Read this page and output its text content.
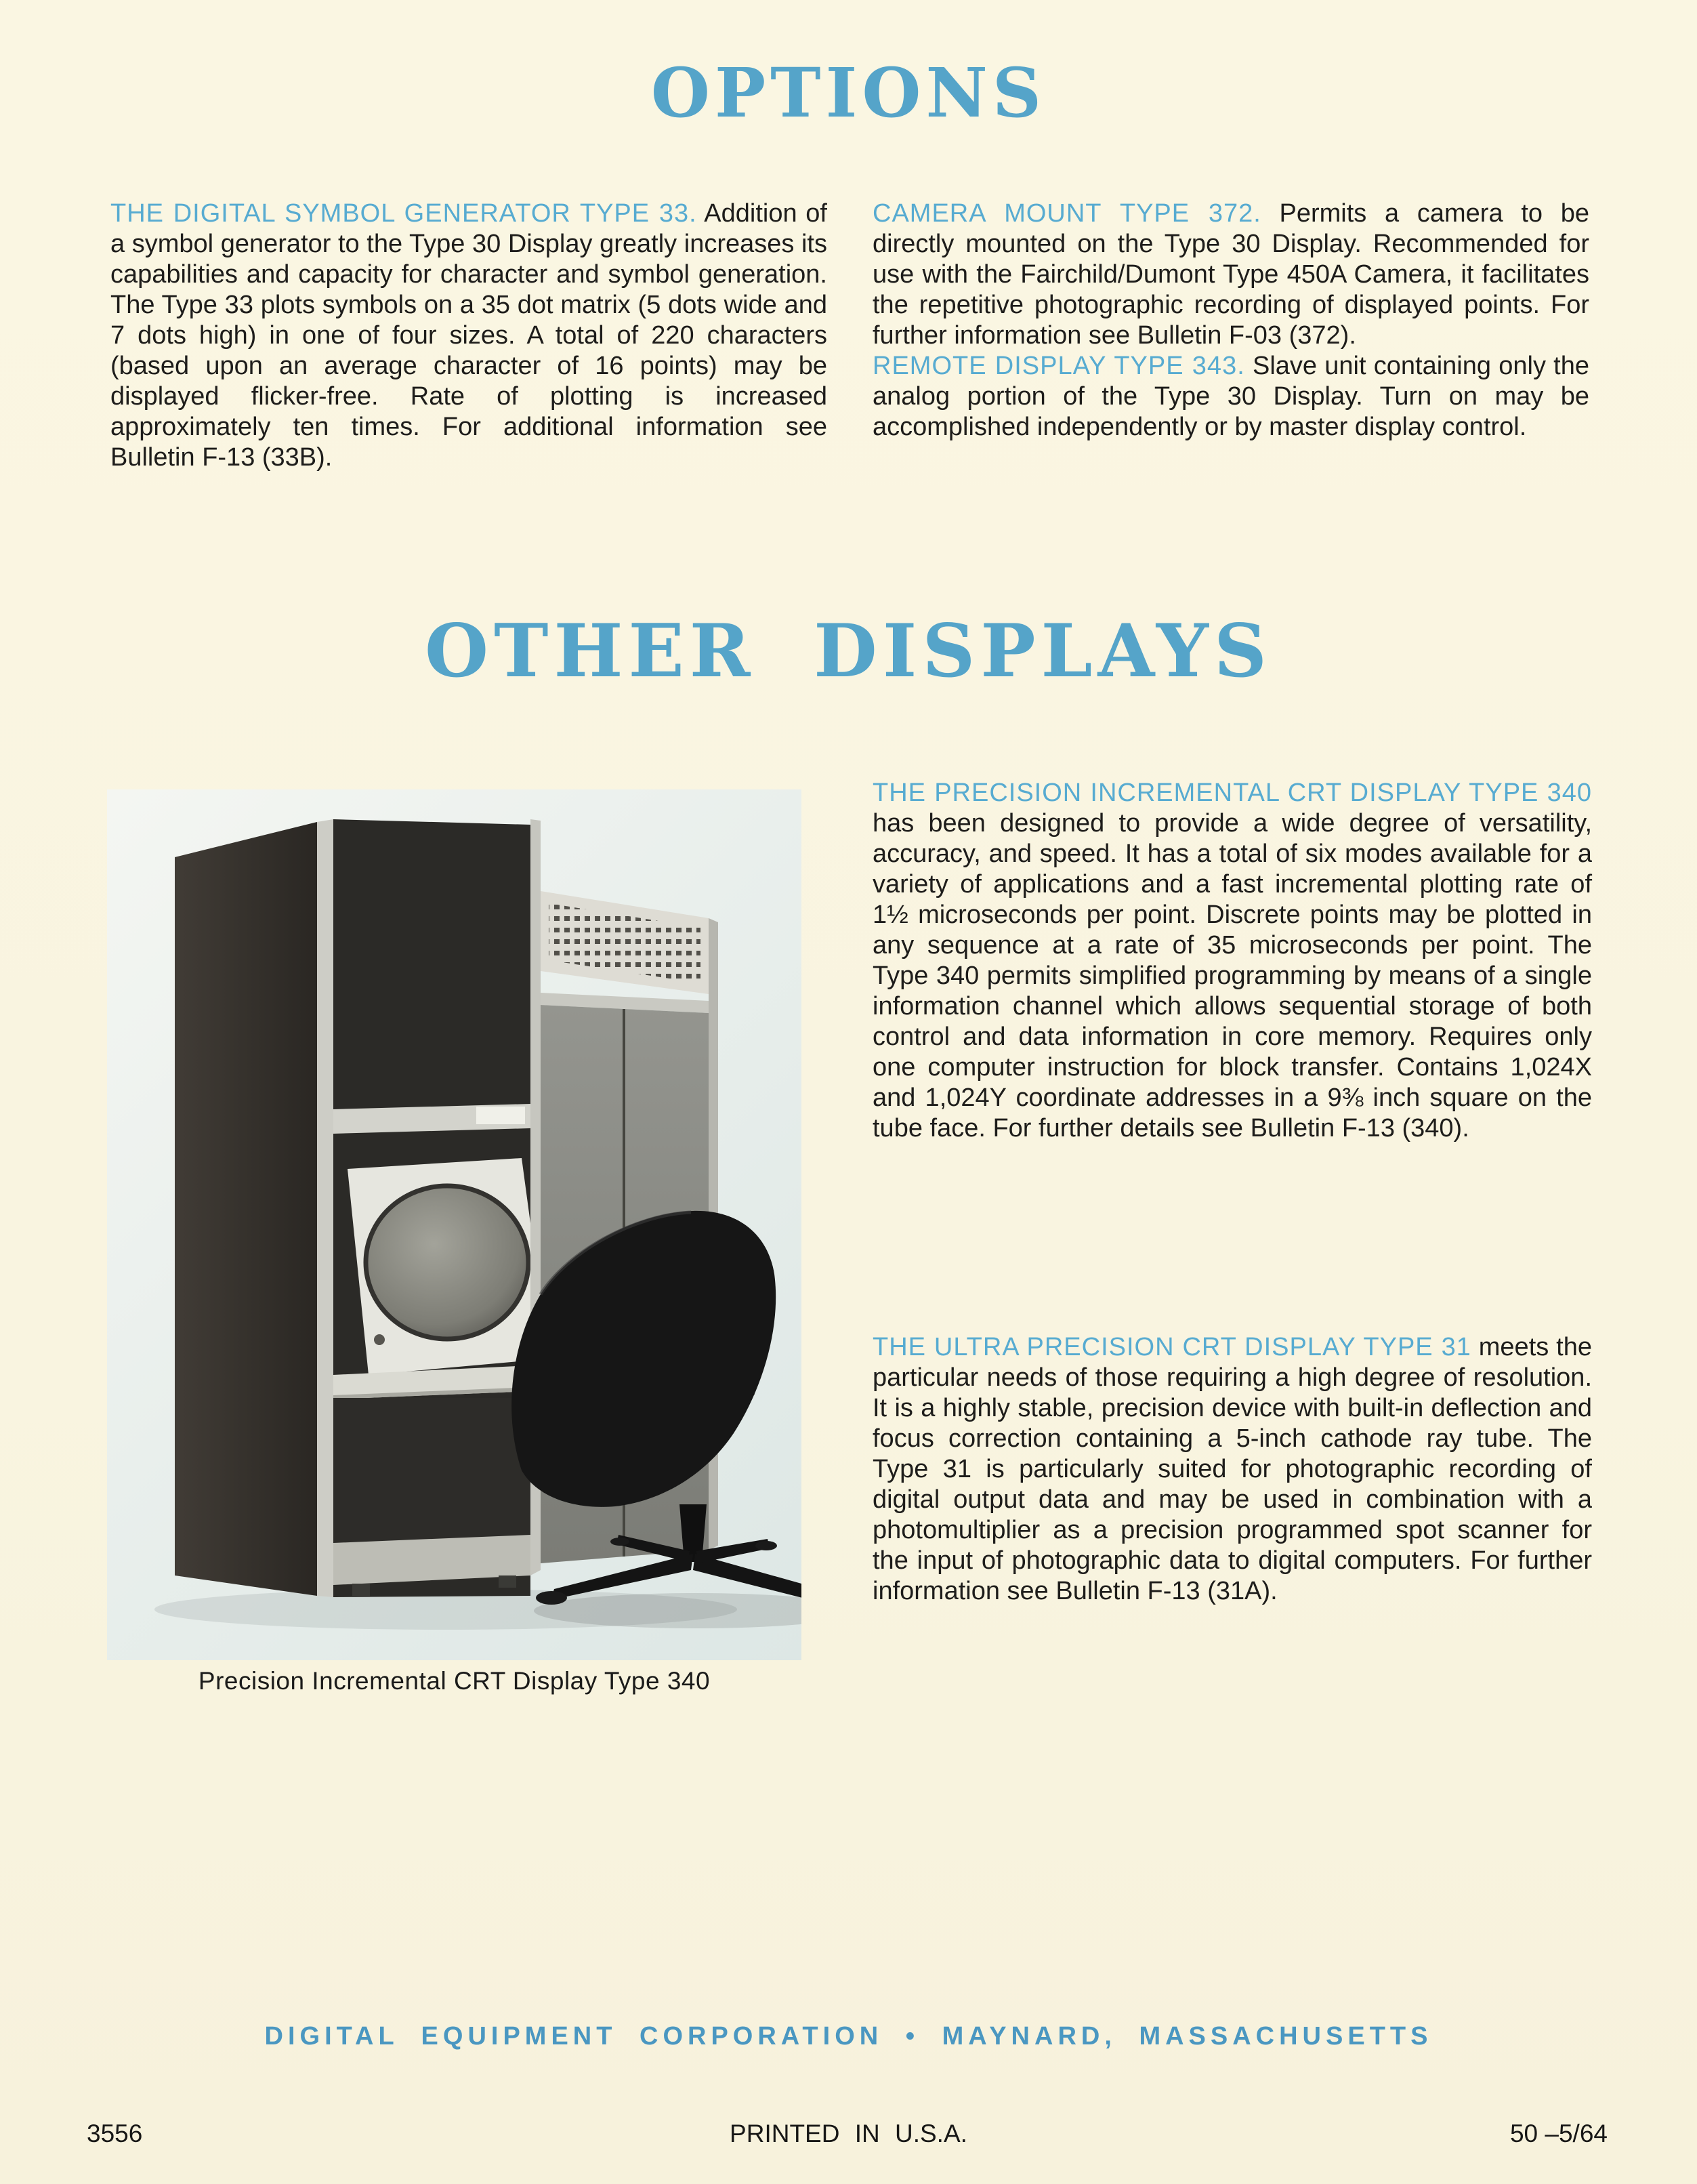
OPTIONS

THE DIGITAL SYMBOL GENERATOR TYPE 33. Addition of a symbol generator to the Type 30 Display greatly increases its capabilities and capacity for character and symbol generation. The Type 33 plots symbols on a 35 dot matrix (5 dots wide and 7 dots high) in one of four sizes. A total of 220 characters (based upon an average character of 16 points) may be displayed flicker-free. Rate of plotting is increased approximately ten times. For additional information see Bulletin F-13 (33B).

CAMERA MOUNT TYPE 372. Permits a camera to be directly mounted on the Type 30 Display. Recommended for use with the Fairchild/Dumont Type 450A Camera, it facilitates the repetitive photographic recording of displayed points. For further information see Bulletin F-03 (372).

REMOTE DISPLAY TYPE 343. Slave unit containing only the analog portion of the Type 30 Display. Turn on may be accomplished independently or by master display control.

OTHER DISPLAYS
Precision Incremental CRT Display Type 340

THE PRECISION INCREMENTAL CRT DISPLAY TYPE 340 has been designed to provide a wide degree of versatility, accuracy, and speed. It has a total of six modes available for a variety of applications and a fast incremental plotting rate of 1½ microseconds per point. Discrete points may be plotted in any sequence at a rate of 35 microseconds per point. The Type 340 permits simplified programming by means of a single information channel which allows sequential storage of both control and data information in core memory. Requires only one computer instruction for block transfer. Contains 1,024X and 1,024Y coordinate addresses in a 9⅜ inch square on the tube face. For further details see Bulletin F-13 (340).

THE ULTRA PRECISION CRT DISPLAY TYPE 31 meets the particular needs of those requiring a high degree of resolution. It is a highly stable, precision device with built-in deflection and focus correction containing a 5-inch cathode ray tube. The Type 31 is particularly suited for photographic recording of digital output data and may be used in combination with a photomultiplier as a precision programmed spot scanner for the input of photographic data to digital computers. For further information see Bulletin F-13 (31A).

DIGITAL EQUIPMENT CORPORATION • MAYNARD, MASSACHUSETTS
3556	PRINTED IN U.S.A.	50 –5/64
